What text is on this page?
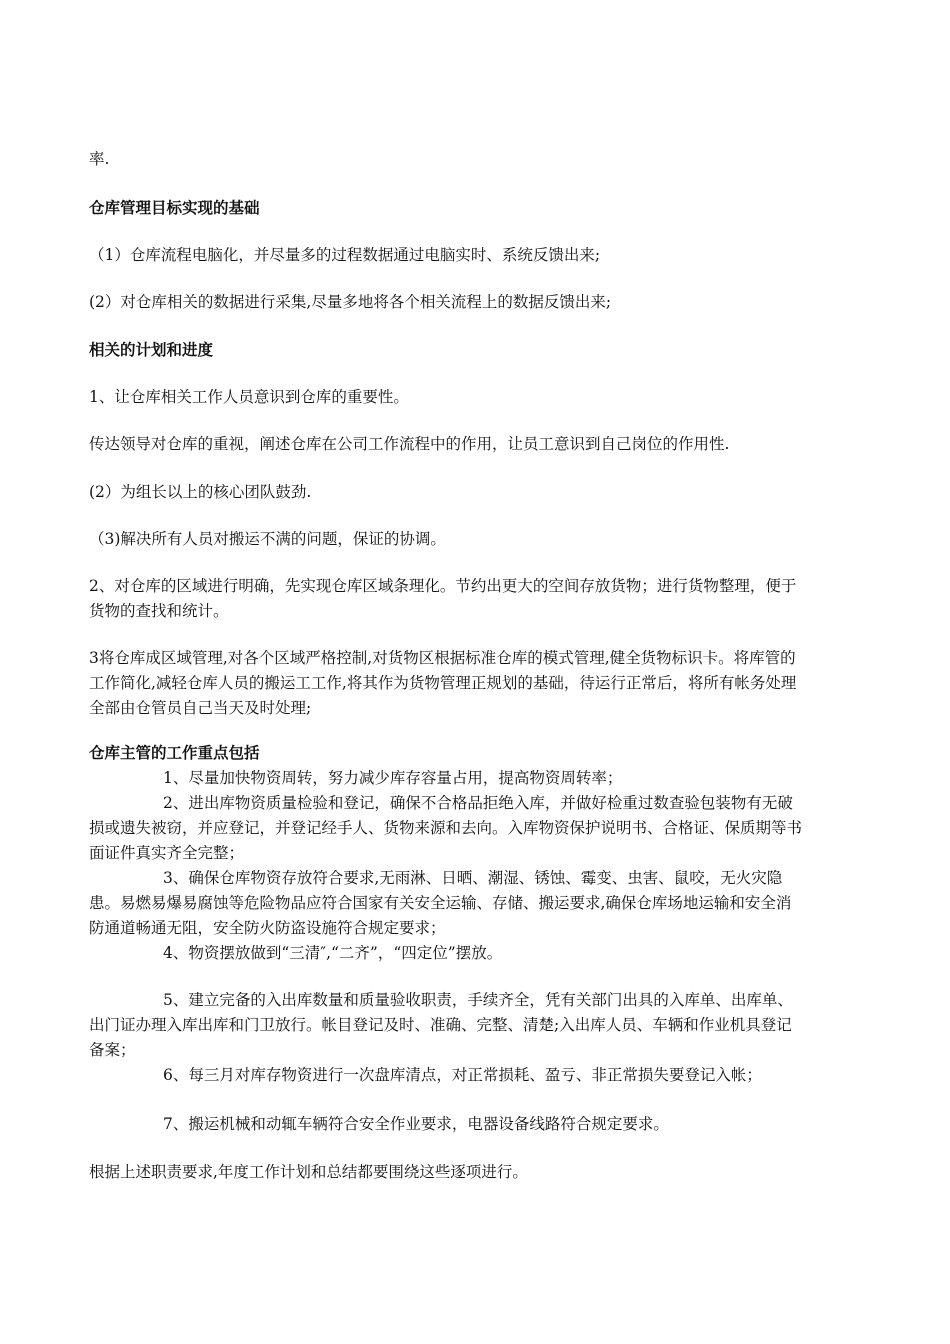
率.

仓库管理目标实现的基础

（1）仓库流程电脑化，并尽量多的过程数据通过电脑实时、系统反馈出来;

(2）对仓库相关的数据进行采集,尽量多地将各个相关流程上的数据反馈出来;

相关的计划和进度

1、让仓库相关工作人员意识到仓库的重要性。

传达领导对仓库的重视，阐述仓库在公司工作流程中的作用，让员工意识到自己岗位的作用性.

(2）为组长以上的核心团队鼓劲.

（3)解决所有人员对搬运不满的问题，保证的协调。

2、对仓库的区域进行明确，先实现仓库区域条理化。节约出更大的空间存放货物；进行货物整理，便于货物的查找和统计。

3将仓库成区域管理,对各个区域严格控制,对货物区根据标准仓库的模式管理,健全货物标识卡。将库管的工作简化,减轻仓库人员的搬运工工作,将其作为货物管理正规划的基础，待运行正常后，将所有帐务处理全部由仓管员自己当天及时处理;

仓库主管的工作重点包括

1、尽量加快物资周转，努力减少库存容量占用，提高物资周转率；

2、进出库物资质量检验和登记，确保不合格品拒绝入库，并做好检重过数查验包装物有无破损或遗失被窃，并应登记，并登记经手人、货物来源和去向。入库物资保护说明书、合格证、保质期等书面证件真实齐全完整；

3、确保仓库物资存放符合要求,无雨淋、日晒、潮湿、锈蚀、霉变、虫害、鼠咬，无火灾隐患。易燃易爆易腐蚀等危险物品应符合国家有关安全运输、存储、搬运要求,确保仓库场地运输和安全消防通道畅通无阻，安全防火防盗设施符合规定要求；

4、物资摆放做到“三清″,“二齐”，“四定位”摆放。

5、建立完备的入出库数量和质量验收职责，手续齐全，凭有关部门出具的入库单、出库单、出门证办理入库出库和门卫放行。帐目登记及时、准确、完整、清楚;入出库人员、车辆和作业机具登记备案；

6、每三月对库存物资进行一次盘库清点，对正常损耗、盈亏、非正常损失要登记入帐；

7、搬运机械和动辄车辆符合安全作业要求，电器设备线路符合规定要求。

根据上述职责要求,年度工作计划和总结都要围绕这些逐项进行。
